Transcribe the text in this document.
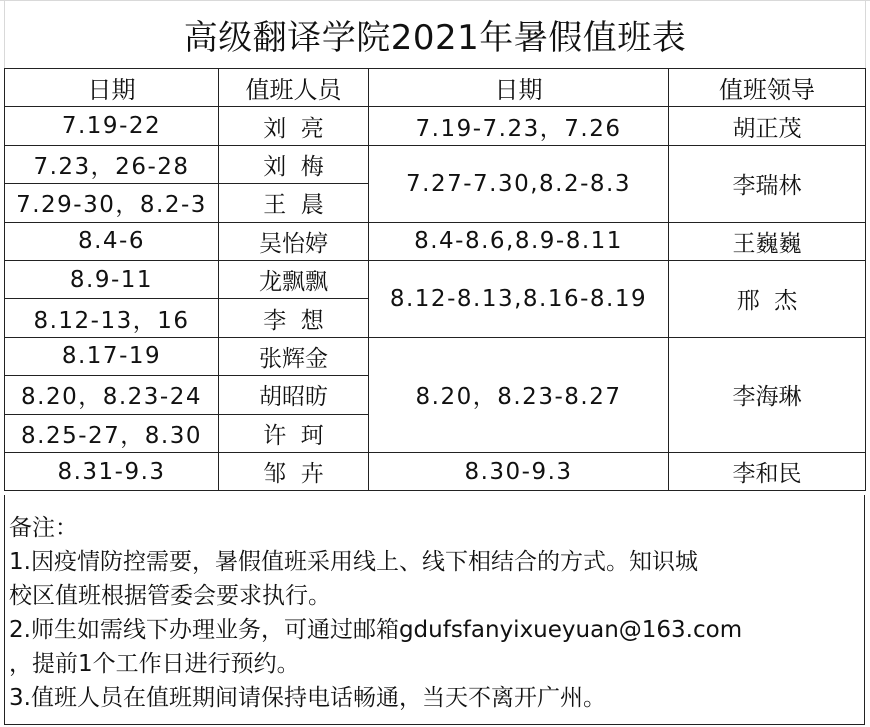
高级翻译学院2021年暑假值班表
日期	值班人员	日期	值班领导
7.19-22	刘  亮	7.19-7.23，7.26	胡正茂
7.23，26-28	刘  梅	7.27-7.30,8.2-8.3	李瑞林
7.29-30，8.2-3	王  晨		
8.4-6	吴怡婷	8.4-8.6,8.9-8.11	王巍巍
8.9-11	龙飘飘	8.12-8.13,8.16-8.19	邢  杰
8.12-13，16	李  想		
8.17-19	张辉金	8.20，8.23-8.27	李海琳
8.20，8.23-24	胡昭昉		
8.25-27，8.30	许  珂		
8.31-9.3	邹  卉	8.30-9.3	李和民

备注：

1.因疫情防控需要，暑假值班采用线上、线下相结合的方式。知识城

校区值班根据管委会要求执行。

2.师生如需线下办理业务，可通过邮箱gdufsfanyixueyuan@163.com

，提前1个工作日进行预约。

3.值班人员在值班期间请保持电话畅通，当天不离开广州。
